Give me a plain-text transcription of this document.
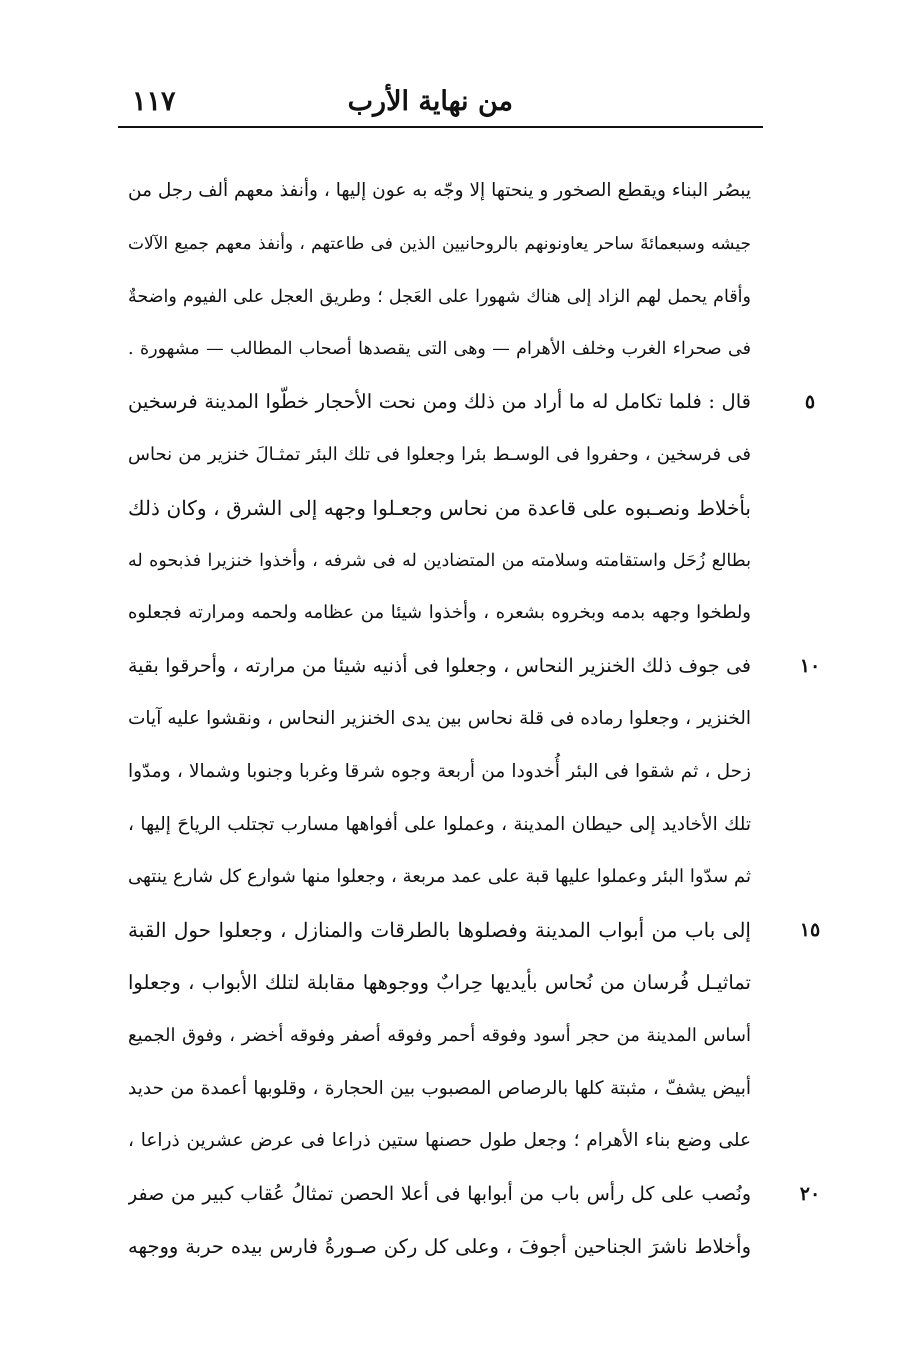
من نهاية الأرب
١١٧
يبصُر البناء ويقطع الصخور و ينحتها إلا وجّه به عون إليها ، وأنفذ معهم ألف رجل من
جيشه وسبعمائةَ ساحر يعاونونهم بالروحانيين الذين فى طاعتهم ، وأنفذ معهم جميع الآلات
وأقام يحمل لهم الزاد إلى هناك شهورا على العَجل ؛ وطريق العجل على الفيوم واضحةٌ
فى صحراء الغرب وخلف الأهرام — وهى التى يقصدها أصحاب المطالب — مشهورة .
قال : فلما تكامل له ما أراد من ذلك ومن نحت الأحجار خطّوا المدينة فرسخين
فى فرسخين ، وحفروا فى الوسـط بئرا وجعلوا فى تلك البئر تمثـالَ خنزير من نحاس
بأخلاط ونصـبوه على قاعدة من نحاس وجعـلوا وجهه إلى الشرق ، وكان ذلك
بطالع زُحَل واستقامته وسلامته من المتضادين له فى شرفه ، وأخذوا خنزيرا فذبحوه له
ولطخوا وجهه بدمه وبخروه بشعره ، وأخذوا شيئا من عظامه ولحمه ومرارته فجعلوه
فى جوف ذلك الخنزير النحاس ، وجعلوا فى أذنيه شيئا من مرارته ، وأحرقوا بقية
الخنزير ، وجعلوا رماده فى قلة نحاس بين يدى الخنزير النحاس ، ونقشوا عليه آيات
زحل ، ثم شقوا فى البئر أُخدودا من أربعة وجوه شرقا وغربا وجنوبا وشمالا ، ومدّوا
تلك الأخاديد إلى حيطان المدينة ، وعملوا على أفواهها مسارب تجتلب الرياحَ إليها ،
ثم سدّوا البئر وعملوا عليها قبة على عمد مربعة ، وجعلوا منها شوارع كل شارع ينتهى
إلى باب من أبواب المدينة وفصلوها بالطرقات والمنازل ، وجعلوا حول القبة
تماثيـل فُرسان من نُحاس بأيديها حِرابٌ ووجوهها مقابلة لتلك الأبواب ، وجعلوا
أساس المدينة من حجر أسود وفوقه أحمر وفوقه أصفر وفوقه أخضر ، وفوق الجميع
أبيض يشفّ ، مثبتة كلها بالرصاص المصبوب بين الحجارة ، وقلوبها أعمدة من حديد
على وضع بناء الأهرام ؛ وجعل طول حصنها ستين ذراعا فى عرض عشرين ذراعا ،
ونُصب على كل رأس باب من أبوابها فى أعلا الحصن تمثالُ عُقاب كبير من صفر
وأخلاط ناشرَ الجناحين أجوفَ ، وعلى كل ركن صـورةُ فارس بيده حربة ووجهه
٥
١٠
١٥
٢٠
